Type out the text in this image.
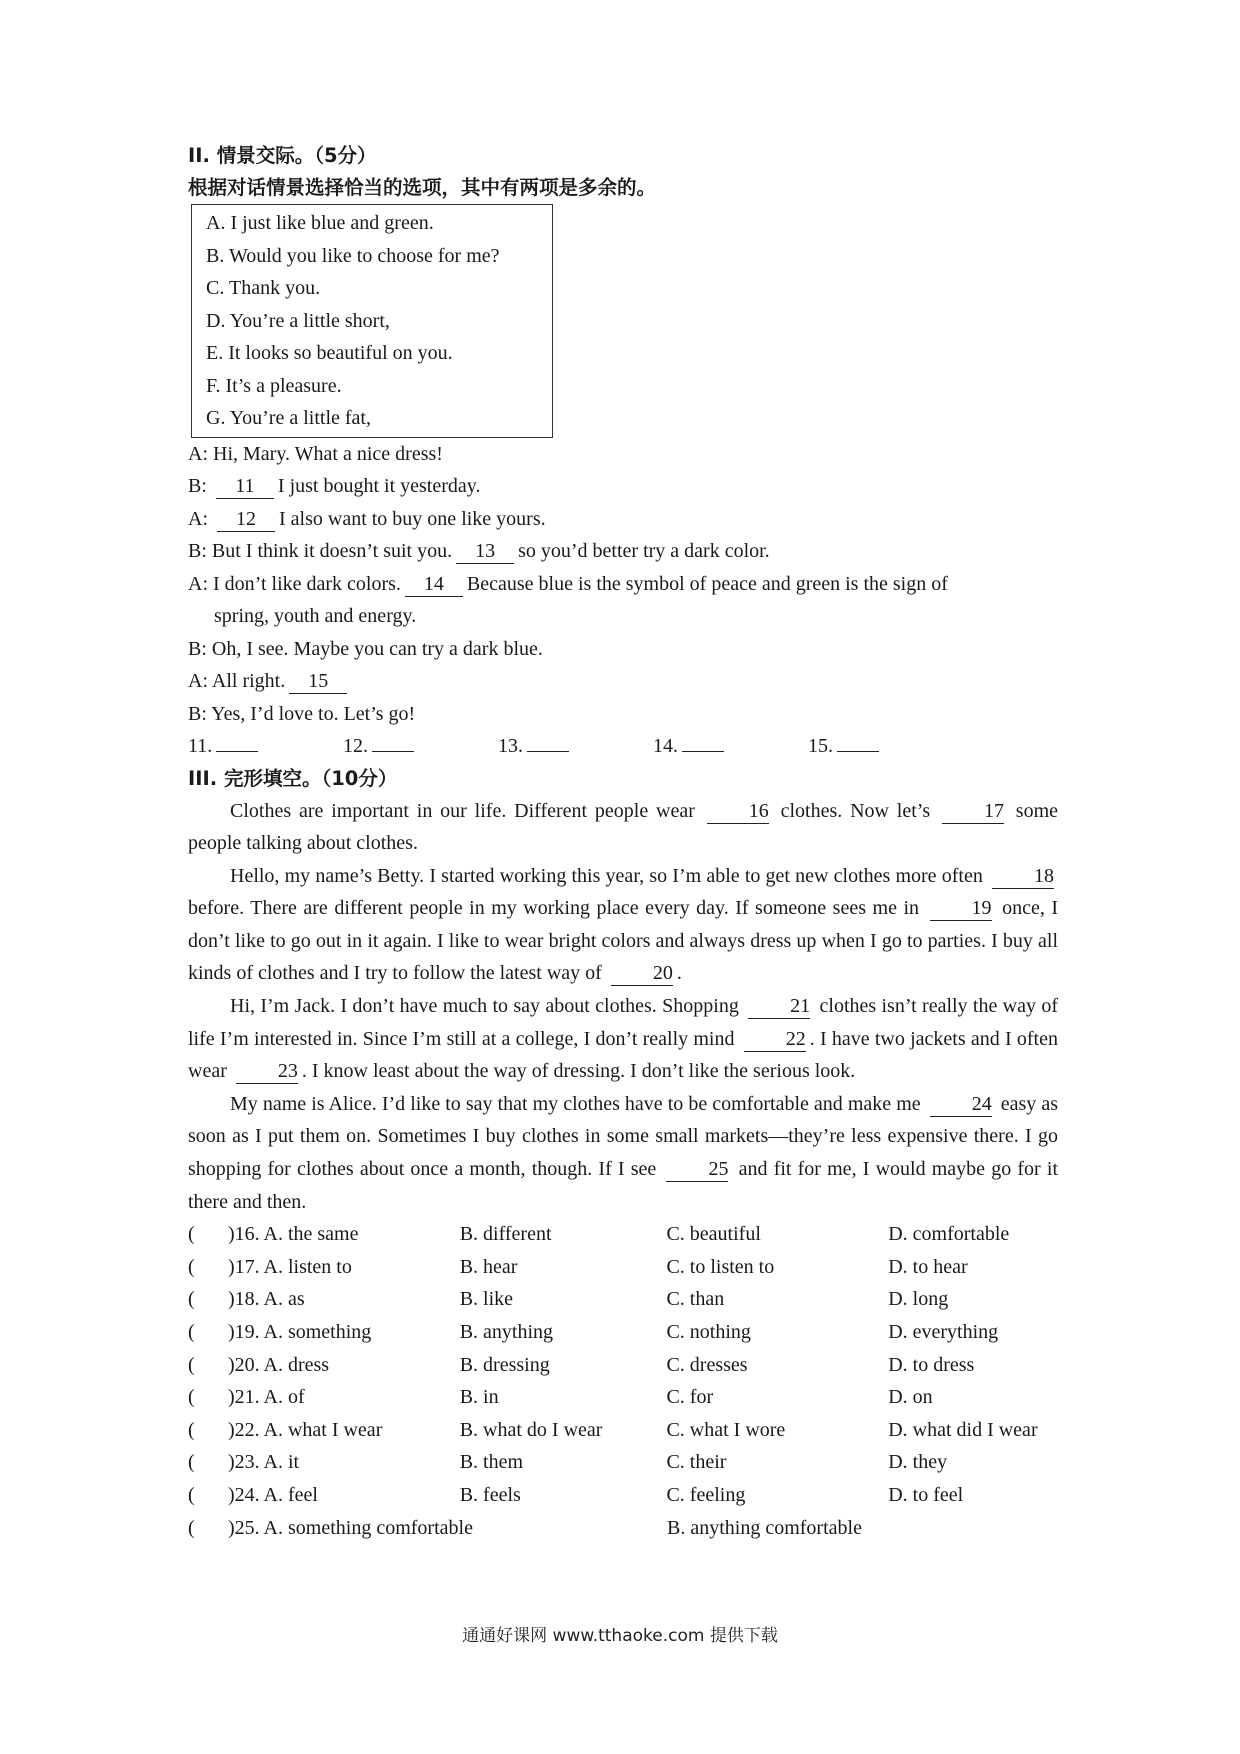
II. 情景交际。（5分）
根据对话情景选择恰当的选项，其中有两项是多余的。
A. I just like blue and green.
B. Would you like to choose for me?
C. Thank you.
D. You’re a little short,
E. It looks so beautiful on you.
F. It’s a pleasure.
G. You’re a little fat,
A: Hi, Mary. What a nice dress!
B: 11 I just bought it yesterday.
A: 12 I also want to buy one like yours.
B: But I think it doesn’t suit you. 13 so you’d better try a dark color.
A: I don’t like dark colors. 14 Because blue is the symbol of peace and green is the sign of
spring, youth and energy.
B: Oh, I see. Maybe you can try a dark blue.
A: All right. 15
B: Yes, I’d love to. Let’s go!
11.	12.	13.	14.	15.
III. 完形填空。（10分）
Clothes are important in our life. Different people wear 16 clothes. Now let’s 17 some people talking about clothes.
Hello, my name’s Betty. I started working this year, so I’m able to get new clothes more often 18 before. There are different people in my working place every day. If someone sees me in 19 once, I don’t like to go out in it again. I like to wear bright colors and always dress up when I go to parties. I buy all kinds of clothes and I try to follow the latest way of 20 .
Hi, I’m Jack. I don’t have much to say about clothes. Shopping 21 clothes isn’t really the way of life I’m interested in. Since I’m still at a college, I don’t really mind 22 . I have two jackets and I often wear 23 . I know least about the way of dressing. I don’t like the serious look.
My name is Alice. I’d like to say that my clothes have to be comfortable and make me 24 easy as soon as I put them on. Sometimes I buy clothes in some small markets—they’re less expensive there. I go shopping for clothes about once a month, though. If I see 25 and fit for me, I would maybe go for it there and then.
(	)16. A. the same	B. different	C. beautiful	D. comfortable
(	)17. A. listen to	B. hear	C. to listen to	D. to hear
(	)18. A. as	B. like	C. than	D. long
(	)19. A. something	B. anything	C. nothing	D. everything
(	)20. A. dress	B. dressing	C. dresses	D. to dress
(	)21. A. of	B. in	C. for	D. on
(	)22. A. what I wear	B. what do I wear	C. what I wore	D. what did I wear
(	)23. A. it	B. them	C. their	D. they
(	)24. A. feel	B. feels	C. feeling	D. to feel
(	)25. A. something comfortable	B. anything comfortable
通通好课网 www.tthaoke.com 提供下载
